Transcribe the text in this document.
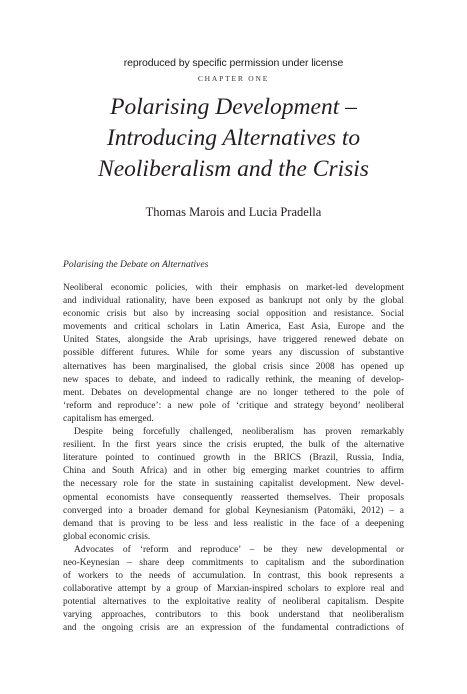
reproduced by specific permission under license
CHAPTER ONE
Polarising Development –
Introducing Alternatives to
Neoliberalism and the Crisis
Thomas Marois and Lucia Pradella
Polarising the Debate on Alternatives
Neoliberal economic policies, with their emphasis on market-led development
and individual rationality, have been exposed as bankrupt not only by the global
economic crisis but also by increasing social opposition and resistance. Social
movements and critical scholars in Latin America, East Asia, Europe and the
United States, alongside the Arab uprisings, have triggered renewed debate on
possible different futures. While for some years any discussion of substantive
alternatives has been marginalised, the global crisis since 2008 has opened up
new spaces to debate, and indeed to radically rethink, the meaning of develop-
ment. Debates on developmental change are no longer tethered to the pole of
‘reform and reproduce’: a new pole of ‘critique and strategy beyond’ neoliberal
capitalism has emerged.
Despite being forcefully challenged, neoliberalism has proven remarkably
resilient. In the first years since the crisis erupted, the bulk of the alternative
literature pointed to continued growth in the BRICS (Brazil, Russia, India,
China and South Africa) and in other big emerging market countries to affirm
the necessary role for the state in sustaining capitalist development. New devel-
opmental economists have consequently reasserted themselves. Their proposals
converged into a broader demand for global Keynesianism (Patomäki, 2012) – a
demand that is proving to be less and less realistic in the face of a deepening
global economic crisis.
Advocates of ‘reform and reproduce’ – be they new developmental or
neo-Keynesian – share deep commitments to capitalism and the subordination
of workers to the needs of accumulation. In contrast, this book represents a
collaborative attempt by a group of Marxian-inspired scholars to explore real and
potential alternatives to the exploitative reality of neoliberal capitalism. Despite
varying approaches, contributors to this book understand that neoliberalism
and the ongoing crisis are an expression of the fundamental contradictions of
